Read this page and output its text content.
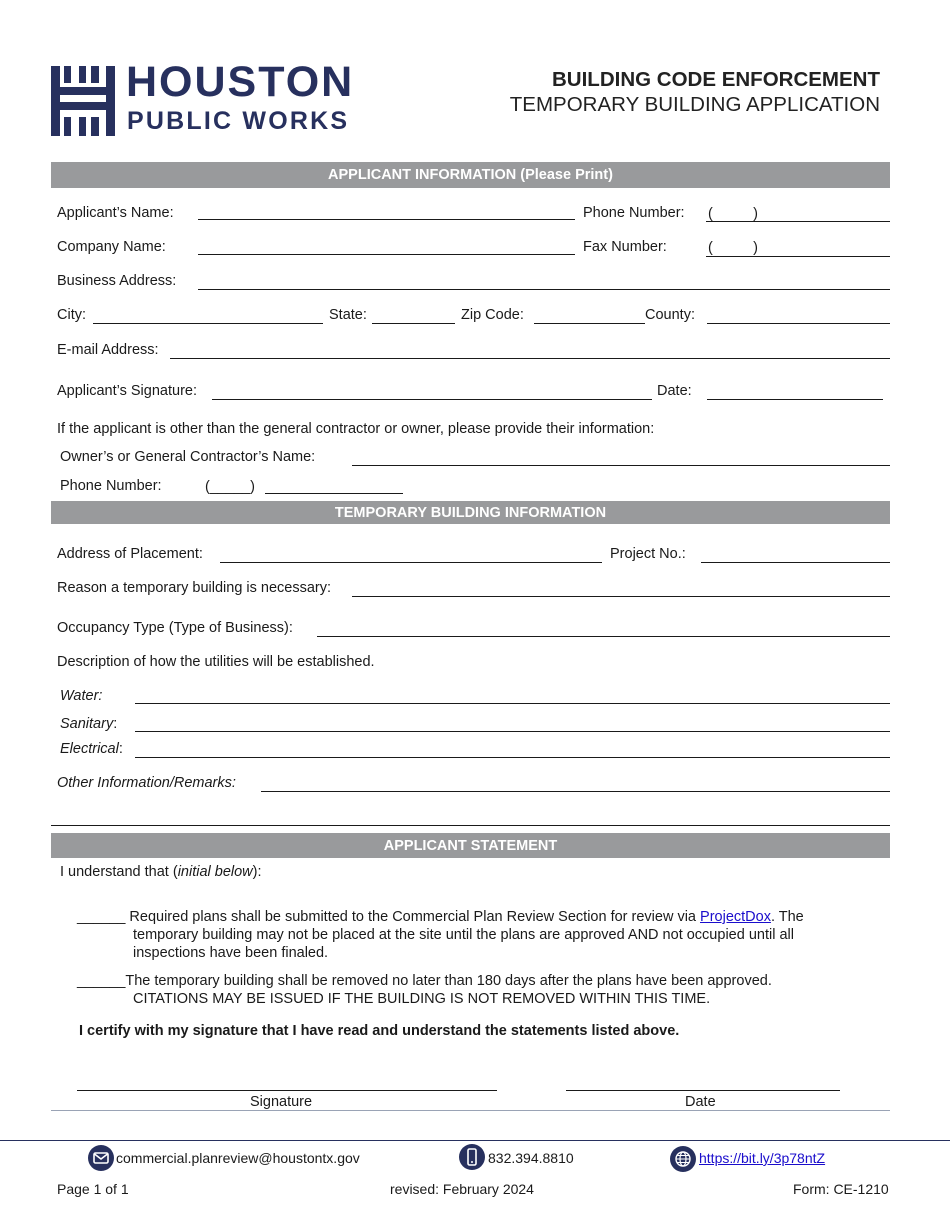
HOUSTON
PUBLIC WORKS
BUILDING CODE ENFORCEMENT
TEMPORARY BUILDING APPLICATION
APPLICANT INFORMATION (Please Print)
Applicant’s Name:	Phone Number: (          )
Company Name:	Fax Number:	(          )
Business Address:
City:	State:	Zip Code:	County:
E-mail Address:
Applicant’s Signature:	Date:
If the applicant is other than the general contractor or owner, please provide their information:
Owner’s or General Contractor’s Name:
Phone Number:	(_____)
TEMPORARY BUILDING INFORMATION
Address of Placement:	Project No.:
Reason a temporary building is necessary:
Occupancy Type (Type of Business):
Description of how the utilities will be established.
Water:
Sanitary:
Electrical:
Other Information/Remarks:
APPLICANT STATEMENT
I understand that (initial below):
______ Required plans shall be submitted to the Commercial Plan Review Section for review via ProjectDox. The
temporary building may not be placed at the site until the plans are approved AND not occupied until all
inspections have been finaled.
______The temporary building shall be removed no later than 180 days after the plans have been approved.
CITATIONS MAY BE ISSUED IF THE BUILDING IS NOT REMOVED WITHIN THIS TIME.
I certify with my signature that I have read and understand the statements listed above.
Signature	Date
commercial.planreview@houstontx.gov	832.394.8810	https://bit.ly/3p78ntZ
Page 1 of 1	revised: February 2024	Form: CE-1210
